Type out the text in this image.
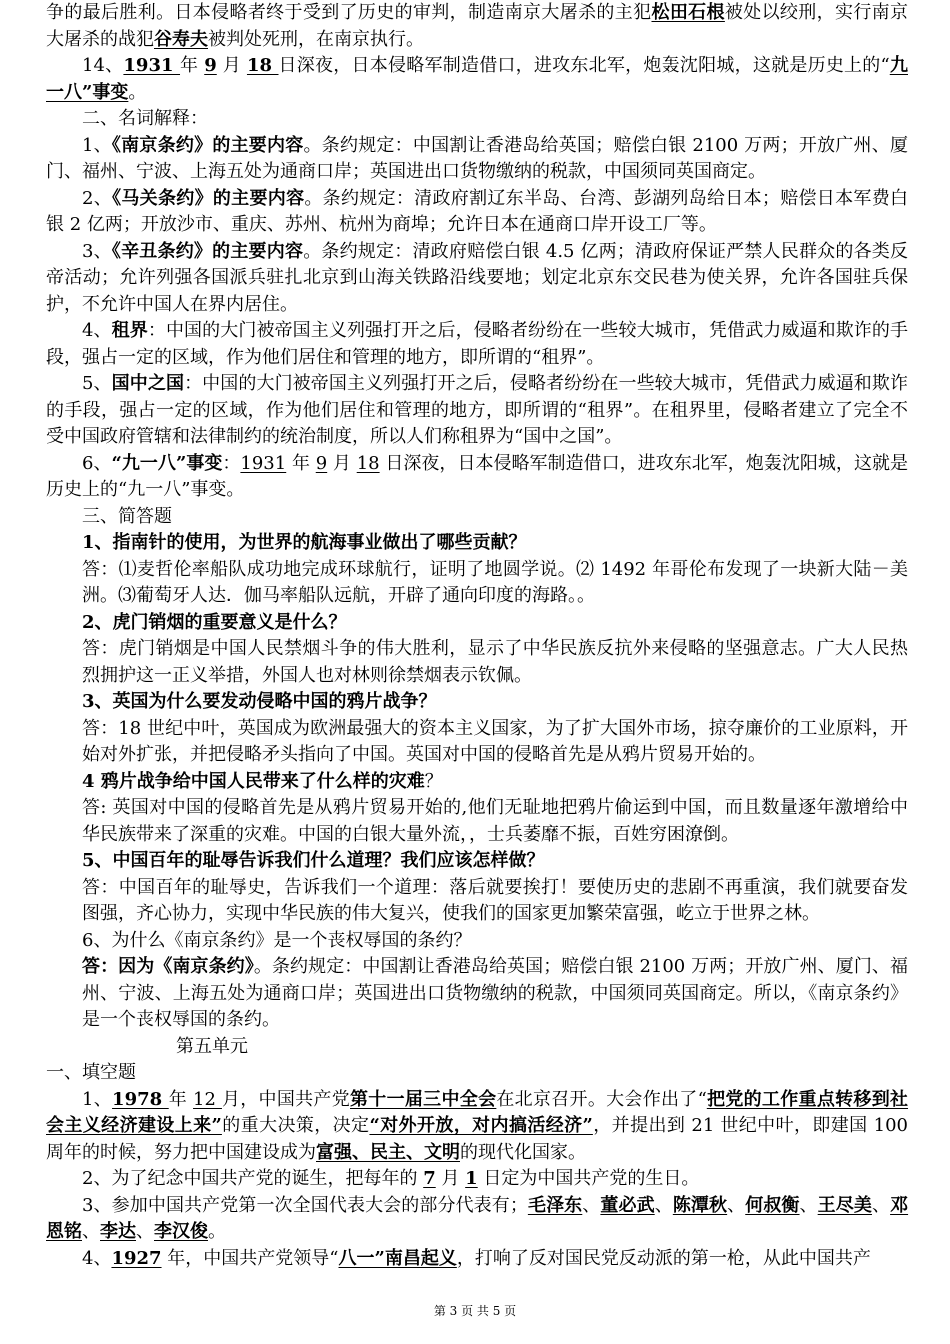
争的最后胜利。日本侵略者终于受到了历史的审判，制造南京大屠杀的主犯松田石根被处以绞刑，实行南京大屠杀的战犯谷寿夫被判处死刑，在南京执行。

14、1931 年 9 月 18 日深夜，日本侵略军制造借口，进攻东北军，炮轰沈阳城，这就是历史上的“九一八”事变。

二、名词解释：

1、《南京条约》的主要内容。条约规定：中国割让香港岛给英国；赔偿白银 2100 万两；开放广州、厦门、福州、宁波、上海五处为通商口岸；英国进出口货物缴纳的税款，中国须同英国商定。

2、《马关条约》的主要内容。条约规定：清政府割辽东半岛、台湾、彭湖列岛给日本；赔偿日本军费白银 2 亿两；开放沙市、重庆、苏州、杭州为商埠；允许日本在通商口岸开设工厂等。

3、《辛丑条约》的主要内容。条约规定：清政府赔偿白银 4.5 亿两；清政府保证严禁人民群众的各类反帝活动；允许列强各国派兵驻扎北京到山海关铁路沿线要地；划定北京东交民巷为使关界，允许各国驻兵保护，不允许中国人在界内居住。

4、租界：中国的大门被帝国主义列强打开之后，侵略者纷纷在一些较大城市，凭借武力威逼和欺诈的手段，强占一定的区域，作为他们居住和管理的地方，即所谓的“租界”。

5、国中之国：中国的大门被帝国主义列强打开之后，侵略者纷纷在一些较大城市，凭借武力威逼和欺诈的手段，强占一定的区域，作为他们居住和管理的地方，即所谓的“租界”。在租界里，侵略者建立了完全不受中国政府管辖和法律制约的统治制度，所以人们称租界为“国中之国”。

6、“九一八”事变：1931 年 9 月 18 日深夜，日本侵略军制造借口，进攻东北军，炮轰沈阳城，这就是历史上的“九一八”事变。

三、简答题

1、指南针的使用，为世界的航海事业做出了哪些贡献？

答：⑴麦哲伦率船队成功地完成环球航行，证明了地圆学说。⑵ 1492 年哥伦布发现了一块新大陆－美洲。⑶葡萄牙人达．伽马率船队远航，开辟了通向印度的海路。。

2、虎门销烟的重要意义是什么？

答：虎门销烟是中国人民禁烟斗争的伟大胜利，显示了中华民族反抗外来侵略的坚强意志。广大人民热烈拥护这一正义举措，外国人也对林则徐禁烟表示钦佩。

3、英国为什么要发动侵略中国的鸦片战争？

答：18 世纪中叶，英国成为欧洲最强大的资本主义国家，为了扩大国外市场，掠夺廉价的工业原料，开始对外扩张，并把侵略矛头指向了中国。英国对中国的侵略首先是从鸦片贸易开始的。

4 鸦片战争给中国人民带来了什么样的灾难？

答: 英国对中国的侵略首先是从鸦片贸易开始的,他们无耻地把鸦片偷运到中国，而且数量逐年激增给中华民族带来了深重的灾难。中国的白银大量外流，，士兵萎靡不振，百姓穷困潦倒。

5、中国百年的耻辱告诉我们什么道理？我们应该怎样做？

答：中国百年的耻辱史，告诉我们一个道理：落后就要挨打！要使历史的悲剧不再重演，我们就要奋发图强，齐心协力，实现中华民族的伟大复兴，使我们的国家更加繁荣富强，屹立于世界之林。

6、为什么《南京条约》是一个丧权辱国的条约？

答：因为《南京条约》。条约规定：中国割让香港岛给英国；赔偿白银 2100 万两；开放广州、厦门、福州、宁波、上海五处为通商口岸；英国进出口货物缴纳的税款，中国须同英国商定。所以，《南京条约》是一个丧权辱国的条约。

第五单元

一、填空题

1、1978 年 12 月，中国共产党第十一届三中全会在北京召开。大会作出了“把党的工作重点转移到社会主义经济建设上来”的重大决策，决定“对外开放，对内搞活经济”，并提出到 21 世纪中叶，即建国 100 周年的时候，努力把中国建设成为富强、民主、文明的现代化国家。

2、为了纪念中国共产党的诞生，把每年的 7 月 1 日定为中国共产党的生日。

3、参加中国共产党第一次全国代表大会的部分代表有；毛泽东、董必武、陈潭秋、何叔衡、王尽美、邓恩铭、李达、李汉俊。

4、1927 年，中国共产党领导“八一”南昌起义，打响了反对国民党反动派的第一枪，从此中国共产

第 3 页 共 5 页
